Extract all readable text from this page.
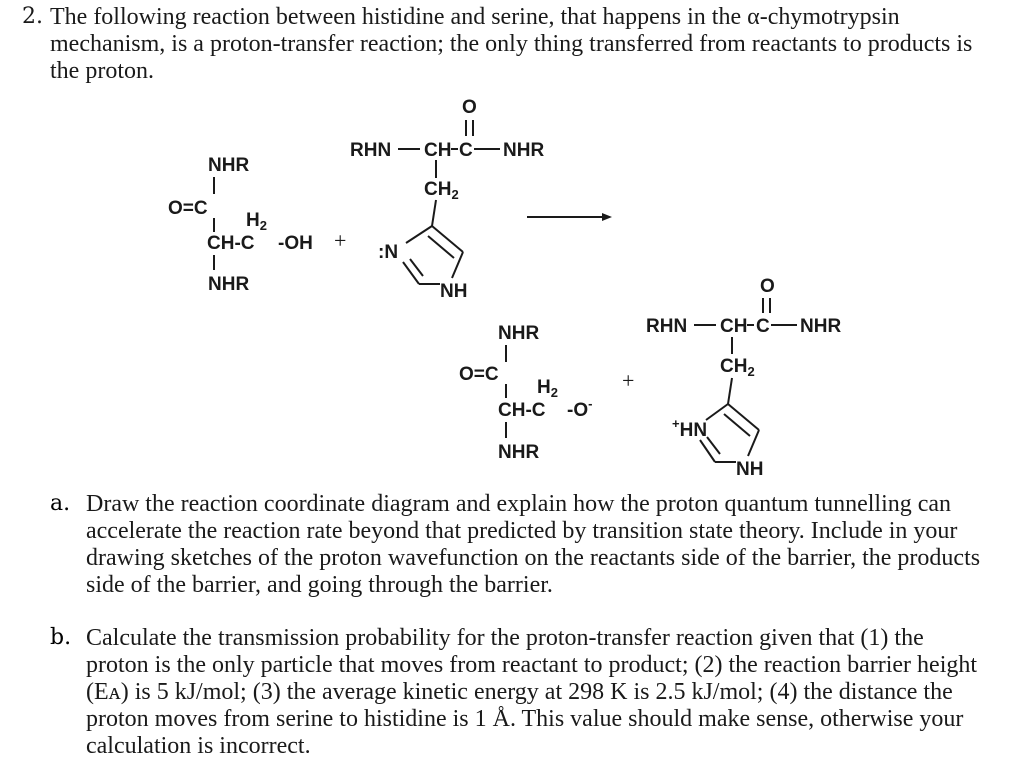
2. The following reaction between histidine and serine, that happens in the α-chymotrypsin mechanism, is a proton-transfer reaction; the only thing transferred from reactants to products is the proton.

NHR
O=C
$H_2$
CH-C -OH
NHR
+
O
RHN CH C NHR
$CH_2$
:N
NH
NHR
O=C
$H_2$
CH-C -O-
NHR
+
O
RHN CH C NHR
$CH_2$
+HN
NH
a. Draw the reaction coordinate diagram and explain how the proton quantum tunnelling can accelerate the reaction rate beyond that predicted by transition state theory. Include in your drawing sketches of the proton wavefunction on the reactants side of the barrier, the products side of the barrier, and going through the barrier.

b. Calculate the transmission probability for the proton-transfer reaction given that (1) the proton is the only particle that moves from reactant to product; (2) the reaction barrier height (Eᴀ) is 5 kJ/mol; (3) the average kinetic energy at 298 K is 2.5 kJ/mol; (4) the distance the proton moves from serine to histidine is 1 Å. This value should make sense, otherwise your calculation is incorrect.
